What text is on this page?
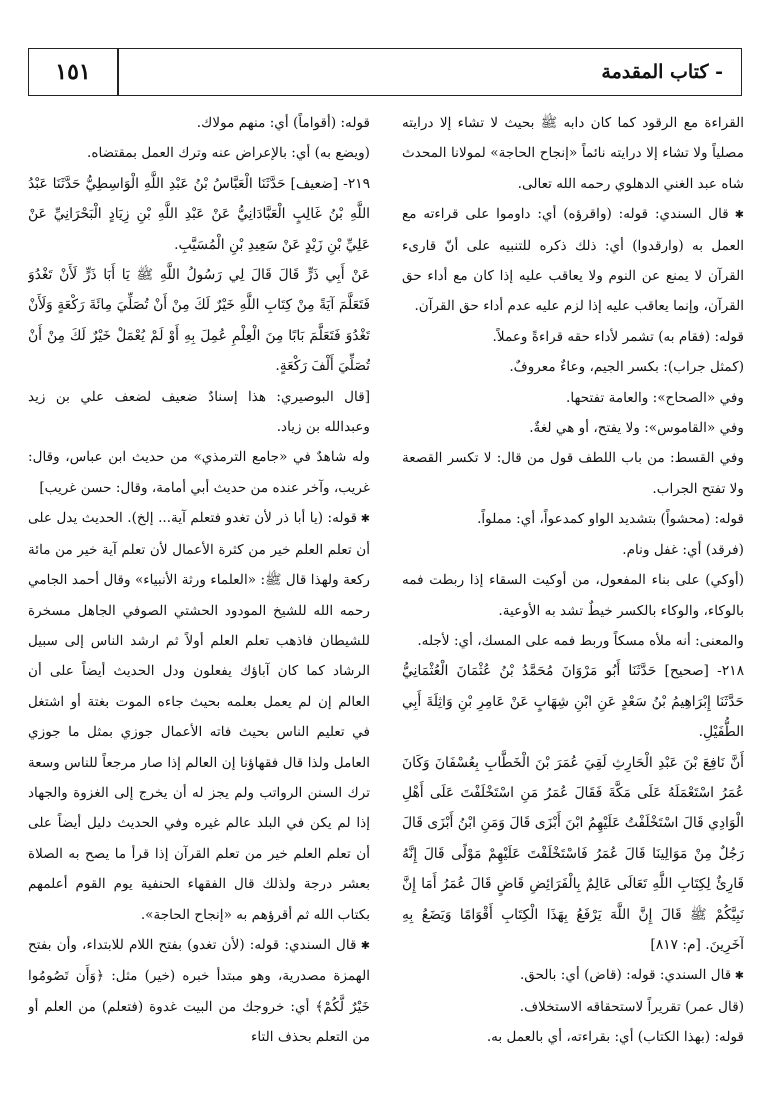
١٥١	- كتاب المقدمة

القراءة مع الرقود كما كان دابه ﷺ بحيث لا تشاء إلا درايته مصلياً ولا تشاء إلا درايته نائماً «إنجاح الحاجة» لمولانا المحدث شاه عبد الغني الدهلوي رحمه الله تعالى.

✱ قال السندي: قوله: (واقرؤه) أي: داوموا على قراءته مع العمل به (وارقدوا) أي: ذلك ذكره للتنبيه على أنّ قارىء القرآن لا يمنع عن النوم ولا يعاقب عليه إذا كان مع أداء حق القرآن، وإنما يعاقب عليه إذا لزم عليه عدم أداء حق القرآن.

قوله: (فقام به) تشمر لأداء حقه قراءةً وعملاً.

(كمثل جراب): بكسر الجيم، وعاءٌ معروفٌ.

وفي «الصحاح»: والعامة تفتحها.

وفي «القاموس»: ولا يفتح، أو هي لغةٌ.

وفي القسط: من باب اللطف قول من قال: لا تكسر القصعة ولا تفتح الجراب.

قوله: (محشواً) بتشديد الواو كمدعواً، أي: مملواً.

(فرقد) أي: غفل ونام.

(أوكي) على بناء المفعول، من أوكيت السقاء إذا ربطت فمه بالوكاء، والوكاء بالكسر خيطٌ تشد به الأوعية.

والمعنى: أنه ملأه مسكاً وربط فمه على المسك، أي: لأجله.

٢١٨- [صحيح] حَدَّثَنَا أَبُو مَرْوَانَ مُحَمَّدُ بْنُ عُثْمَانَ الْعُثْمَانِيُّ حَدَّثَنَا إِبْرَاهِيمُ بْنُ سَعْدٍ عَنِ ابْنِ شِهَابٍ عَنْ عَامِرِ بْنِ وَاثِلَةَ أَبِي الطُّفَيْلِ.

أَنَّ نَافِعَ بْنَ عَبْدِ الْحَارِثِ لَقِيَ عُمَرَ بْنَ الْخَطَّابِ بِعُسْفَانَ وَكَانَ عُمَرُ اسْتَعْمَلَهُ عَلَى مَكَّةَ فَقَالَ عُمَرُ مَنِ اسْتَخْلَفْتَ عَلَى أَهْلِ الْوَادِي قَالَ اسْتَخْلَفْتُ عَلَيْهِمُ ابْنَ أَبْزَى قَالَ وَمَنِ ابْنُ أَبْزَى قَالَ رَجُلٌ مِنْ مَوَالِينَا قَالَ عُمَرُ فَاسْتَخْلَفْتَ عَلَيْهِمْ مَوْلًى قَالَ إِنَّهُ قَارِئٌ لِكِتَابِ اللَّهِ تَعَالَى عَالِمٌ بِالْفَرَائِضِ قَاضٍ قَالَ عُمَرُ أَمَا إِنَّ نَبِيَّكُمْ ﷺ قَالَ إِنَّ اللَّهَ يَرْفَعُ بِهَذَا الْكِتَابِ أَقْوَامًا وَيَضَعُ بِهِ آخَرِينَ. [م: ٨١٧]

✱ قال السندي: قوله: (قاض) أي: بالحق.

(قال عمر) تقريراً لاستحقاقه الاستخلاف.

قوله: (بهذا الكتاب) أي: بقراءته، أي بالعمل به.

قوله: (أقواماً) أي: منهم مولاك.

(ويضع به) أي: بالإعراض عنه وترك العمل بمقتضاه.

٢١٩- [ضعيف] حَدَّثَنَا الْعَبَّاسُ بْنُ عَبْدِ اللَّهِ الْوَاسِطِيُّ حَدَّثَنَا عَبْدُ اللَّهِ بْنُ غَالِبٍ الْعَبَّادَانِيُّ عَنْ عَبْدِ اللَّهِ بْنِ زِيَادٍ الْبَحْرَانِيِّ عَنْ عَلِيِّ بْنِ زَيْدٍ عَنْ سَعِيدِ بْنِ الْمُسَيَّبِ.

عَنْ أَبِي ذَرٍّ قَالَ قَالَ لِي رَسُولُ اللَّهِ ﷺ يَا أَبَا ذَرٍّ لَأَنْ تَغْدُوَ فَتَعَلَّمَ آيَةً مِنْ كِتَابِ اللَّهِ خَيْرٌ لَكَ مِنْ أَنْ تُصَلِّيَ مِائَةَ رَكْعَةٍ وَلَأَنْ تَغْدُوَ فَتَعَلَّمَ بَابًا مِنَ الْعِلْمِ عُمِلَ بِهِ أَوْ لَمْ يُعْمَلْ خَيْرٌ لَكَ مِنْ أَنْ تُصَلِّيَ أَلْفَ رَكْعَةٍ.

[قال البوصيري: هذا إسنادٌ ضعيف لضعف علي بن زيد وعبدالله بن زياد.

وله شاهدٌ في «جامع الترمذي» من حديث ابن عباس، وقال: غريب، وآخر عنده من حديث أبي أمامة، وقال: حسن غريب]

✱ قوله: (يا أبا ذر لأن تغدو فتعلم آية... إلخ). الحديث يدل على أن تعلم العلم خير من كثرة الأعمال لأن تعلم آية خير من مائة ركعة ولهذا قال ﷺ: «العلماء ورثة الأنبياء» وقال أحمد الجامي رحمه الله للشيخ المودود الحشتي الصوفي الجاهل مسخرة للشيطان فاذهب تعلم العلم أولاً ثم ارشد الناس إلى سبيل الرشاد كما كان آباؤك يفعلون ودل الحديث أيضاً على أن العالم إن لم يعمل بعلمه بحيث جاءه الموت بغتة أو اشتغل في تعليم الناس بحيث فاته الأعمال جوزي بمثل ما جوزي العامل ولذا قال فقهاؤنا إن العالم إذا صار مرجعاً للناس وسعة ترك السنن الرواتب ولم يجز له أن يخرج إلى الغزوة والجهاد إذا لم يكن في البلد عالم غيره وفي الحديث دليل أيضاً على أن تعلم العلم خير من تعلم القرآن إذا قرأ ما يصح به الصلاة بعشر درجة ولذلك قال الفقهاء الحنفية يوم القوم أعلمهم بكتاب الله ثم أقرؤهم به «إنجاح الحاجة».

✱ قال السندي: قوله: (لأن تغدو) بفتح اللام للابتداء، وأن بفتح الهمزة مصدرية، وهو مبتدأ خبره (خير) مثل: ﴿وَأَن تَصُومُوا خَيْرٌ لَّكُمْ﴾ أي: خروجك من البيت غدوة (فتعلم) من العلم أو من التعلم بحذف التاء
